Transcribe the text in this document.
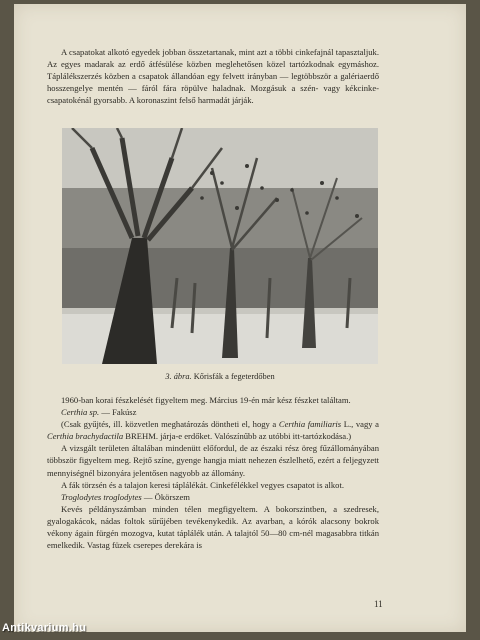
A csapatokat alkotó egyedek jobban összetartanak, mint azt a többi cinkefajnál tapasztaljuk. Az egyes madarak az erdő átfésülése közben meglehetősen közel tartózkodnak egymáshoz. Táplálékszerzés közben a csapatok állandóan egy felvett irányban — legtöbbször a galériaerdő hosszengelye mentén — fáról fára röpülve haladnak. Mozgásuk a szén- vagy kékcinke-csapatokénál gyorsabb. A koronaszint felső harmadát járják.

3. ábra. Kőrisfák a fegeterdőben

1960-ban korai fészkelését figyeltem meg. Március 19-én már kész fészket találtam.

Certhia sp. — Fakúsz

(Csak gyűjtés, ill. közvetlen meghatározás döntheti el, hogy a Certhia familiaris L., vagy a Certhia brachydactila BREHM. járja-e erdőket. Valószínűbb az utóbbi itt-tartózkodása.)

A vizsgált területen általában mindenütt előfordul, de az északi rész öreg fűzállományában többször figyeltem meg. Rejtő színe, gyenge hangja miatt nehezen észlelhető, ezért a feljegyzett mennyiségnél bizonyára jelentősen nagyobb az állomány.

A fák törzsén és a talajon keresi táplálékát. Cinkefélékkel vegyes csapatot is alkot.

Troglodytes troglodytes — Ökörszem

Kevés példányszámban minden télen megfigyeltem. A bokorszintben, a szedresek, gyalogakácok, nádas foltok sűrűjében tevékenykedik. Az avarban, a kórók alacsony bokrok vékony ágain fürgén mozogva, kutat táplálék után. A talajtól 50—80 cm-nél magasabbra titkán emelkedik. Vastag füzek cserepes derekára is

11
Antikvarium.hu
